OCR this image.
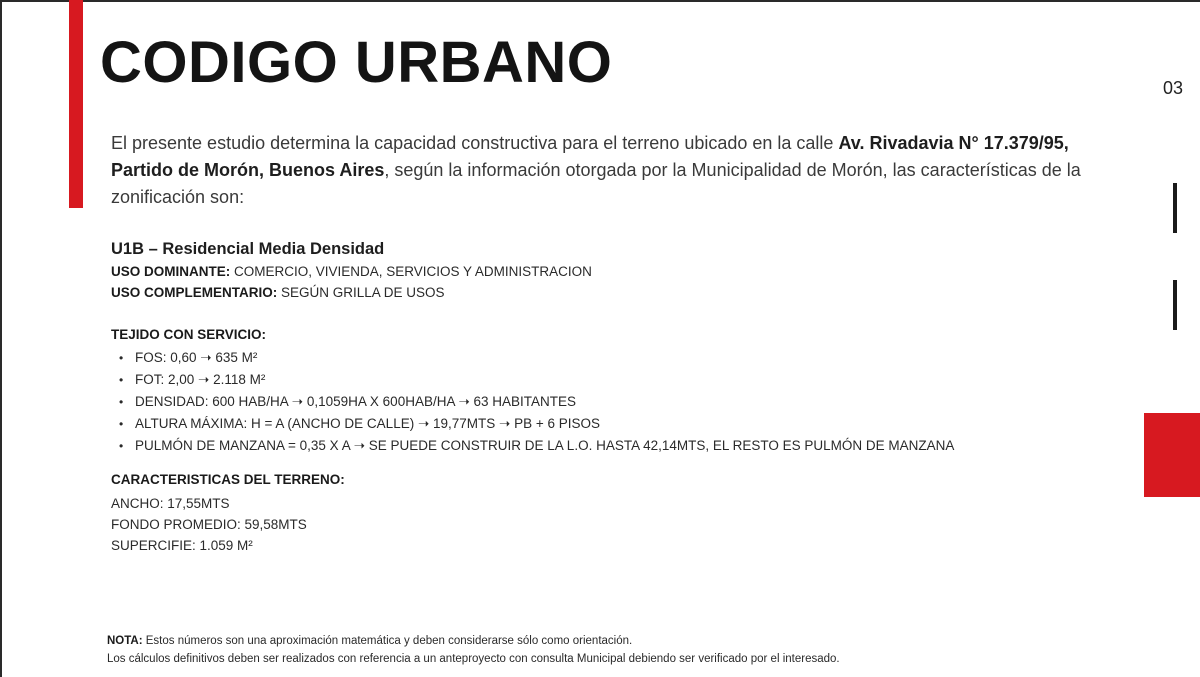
CODIGO URBANO	03

El presente estudio determina la capacidad constructiva para el terreno ubicado en la calle Av. Rivadavia N° 17.379/95, Partido de Morón, Buenos Aires, según la información otorgada por la Municipalidad de Morón, las características de la zonificación son:

U1B – Residencial Media Densidad
USO DOMINANTE: COMERCIO, VIVIENDA, SERVICIOS Y ADMINISTRACION
USO COMPLEMENTARIO: SEGÚN GRILLA DE USOS
TEJIDO CON SERVICIO:
• FOS: 0,60 ➝ 635 M²
• FOT: 2,00 ➝ 2.118 M²
• DENSIDAD: 600 HAB/HA ➝ 0,1059HA X 600HAB/HA ➝ 63 HABITANTES
• ALTURA MÁXIMA: H = A (ANCHO DE CALLE) ➝ 19,77MTS ➝ PB + 6 PISOS
• PULMÓN DE MANZANA = 0,35 X A ➝ SE PUEDE CONSTRUIR DE LA L.O. HASTA 42,14MTS, EL RESTO ES PULMÓN DE MANZANA
CARACTERISTICAS DEL TERRENO:
ANCHO: 17,55MTS
FONDO PROMEDIO: 59,58MTS
SUPERCIFIE: 1.059 M²
NOTA: Estos números son una aproximación matemática y deben considerarse sólo como orientación.
Los cálculos definitivos deben ser realizados con referencia a un anteproyecto con consulta Municipal debiendo ser verificado por el interesado.
